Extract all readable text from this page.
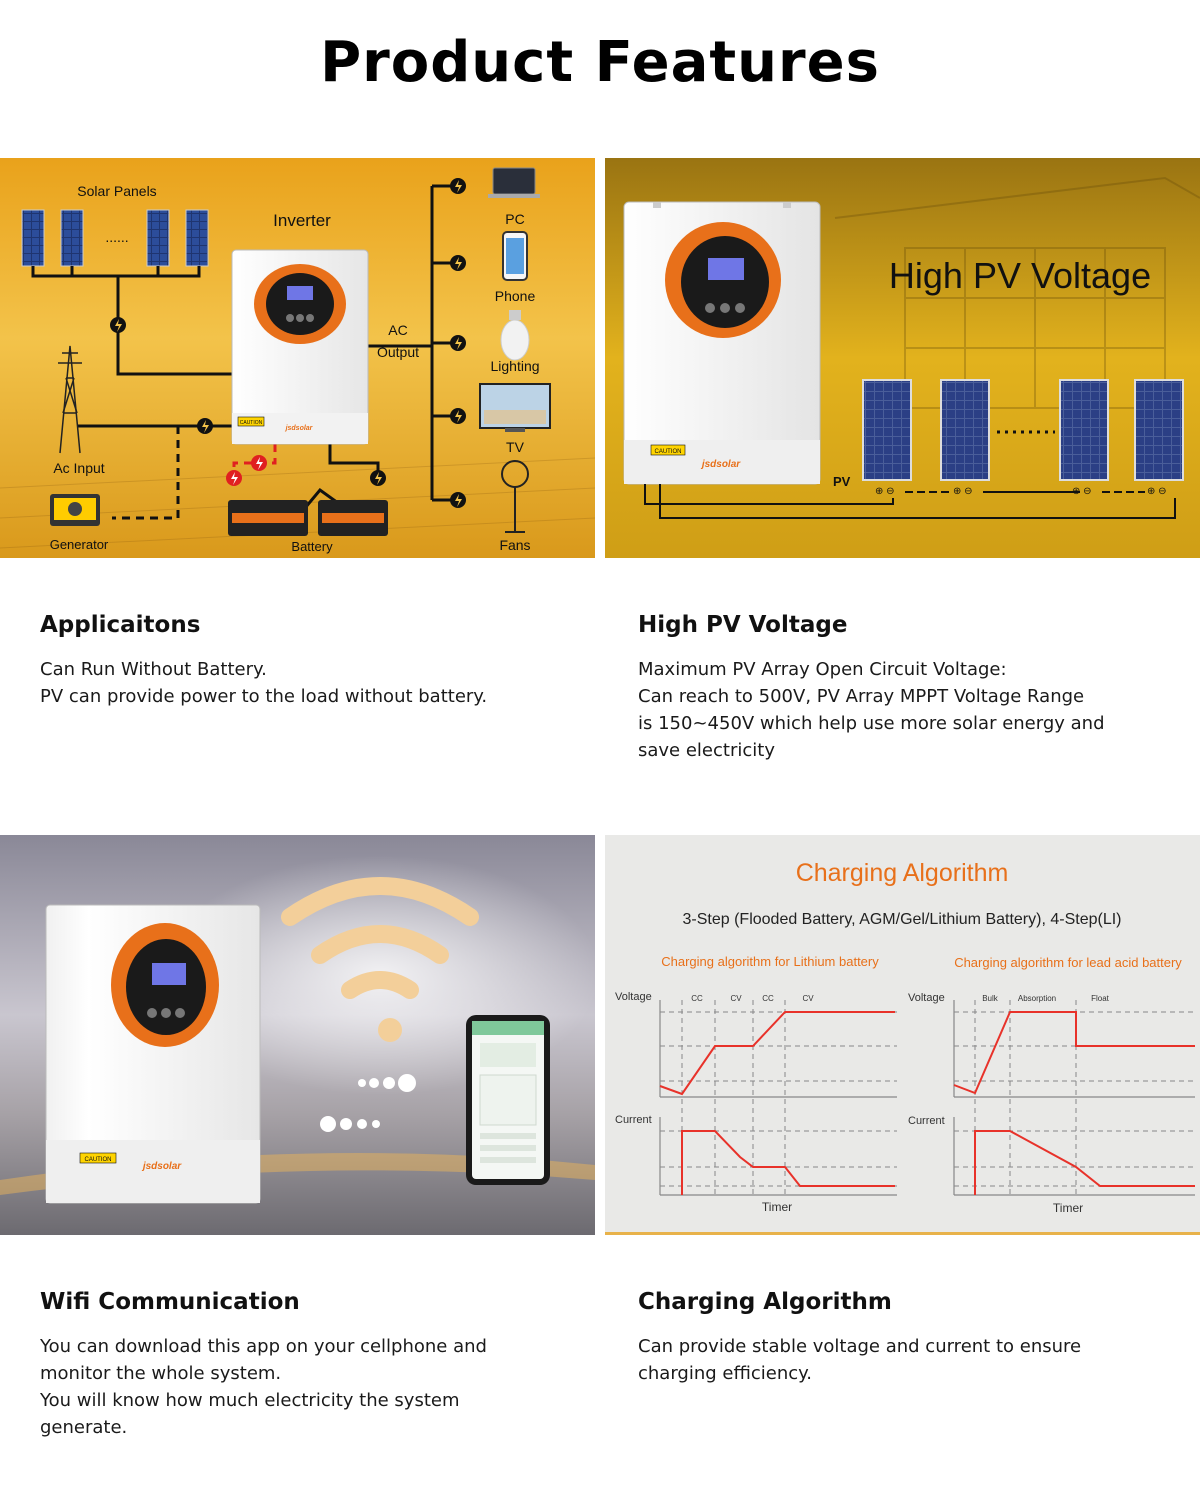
Product Features
Solar Panels
......
Inverter
CAUTION
jsdsolar
AC
Output
Ac Input
Generator	Battery
PC
Phone
Lighting
TV
Fans
High PV Voltage
CAUTION
jsdsolar
⊕ ⊖	⊕ ⊖	⊕ ⊖	⊕ ⊖
PV
Applicaitons

Can Run Without Battery.
PV can provide power to the load without battery.

High PV Voltage

Maximum PV Array Open Circuit Voltage:
Can reach to 500V, PV Array MPPT Voltage Range
is 150~450V which help use more solar energy and
save electricity

CAUTION
jsdsolar
Charging Algorithm
3-Step (Flooded Battery, AGM/Gel/Lithium Battery), 4-Step(LI)
Charging algorithm for Lithium battery	Charging algorithm for lead acid battery
Voltage
Current
Timer
CC	CV	CC	CV	Voltage
Current
Timer
Bulk	Absorption	Float
Wifi Communication

You can download this app on your cellphone and
monitor the whole system.
You will know how much electricity the system
generate.

Charging Algorithm

Can provide stable voltage and current to ensure
charging efficiency.
